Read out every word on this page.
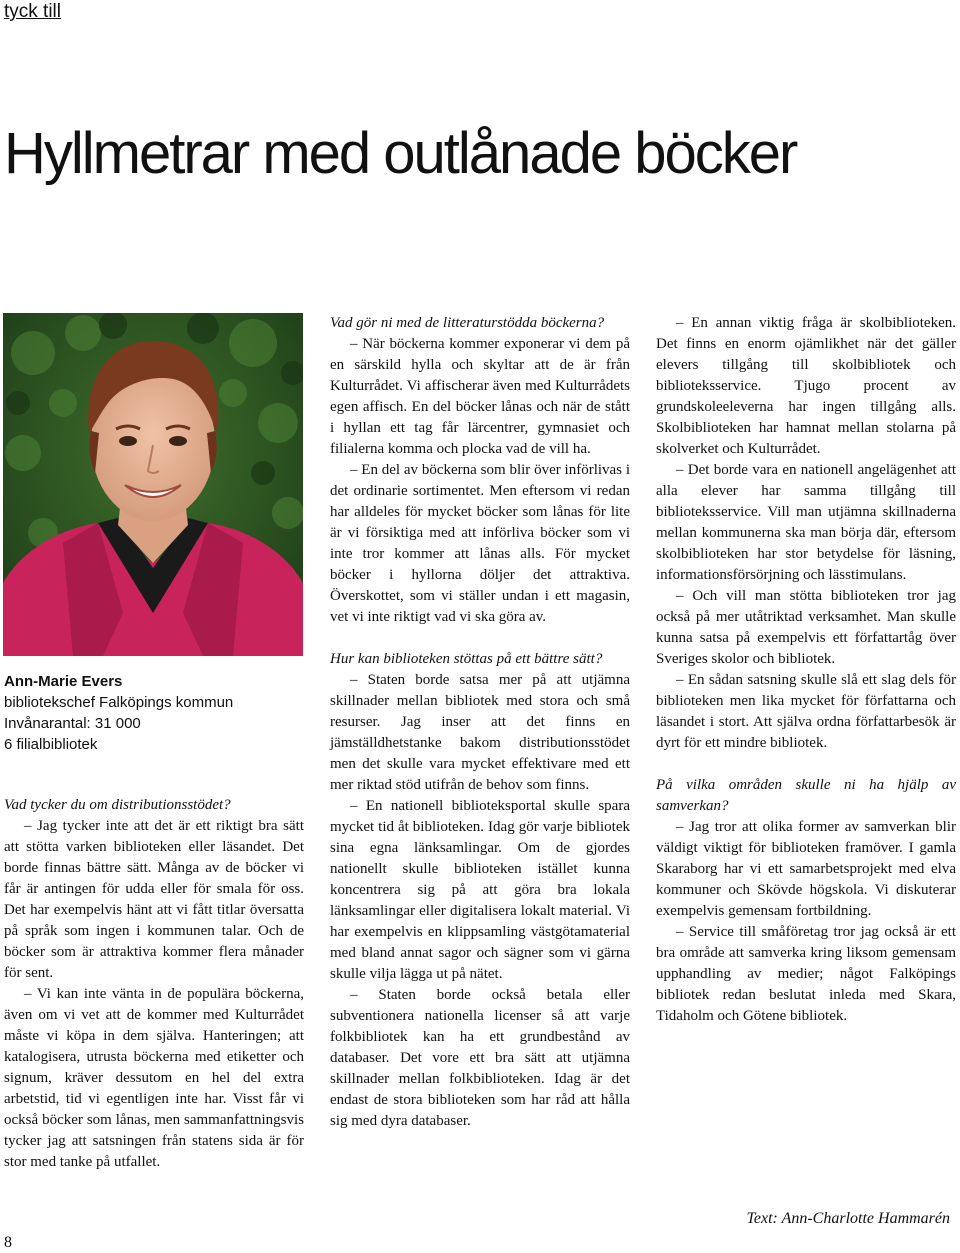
tyck till
Hyllmetrar med outlånade böcker
Ann-Marie Evers
bibliotekschef Falköpings kommun
Invånarantal: 31 000
6 filialbibliotek

Vad tycker du om distributionsstödet?

– Jag tycker inte att det är ett riktigt bra sätt att stötta varken biblioteken eller läsandet. Det borde finnas bättre sätt. Många av de böcker vi får är antingen för udda eller för smala för oss. Det har exempelvis hänt att vi fått titlar översatta på språk som ingen i kommunen talar. Och de böcker som är attraktiva kommer flera månader för sent.

– Vi kan inte vänta in de populära böckerna, även om vi vet att de kommer med Kulturrådet måste vi köpa in dem själva. Hanteringen; att katalogisera, utrusta böckerna med etiketter och signum, kräver dessutom en hel del extra arbetstid, tid vi egentligen inte har. Visst får vi också böcker som lånas, men sammanfattningsvis tycker jag att satsningen från statens sida är för stor med tanke på utfallet.

Vad gör ni med de litteraturstödda böckerna?

– När böckerna kommer exponerar vi dem på en särskild hylla och skyltar att de är från Kulturrådet. Vi affischerar även med Kulturrådets egen affisch. En del böcker lånas och när de stått i hyllan ett tag får lärcentrer, gymnasiet och filialerna komma och plocka vad de vill ha.

– En del av böckerna som blir över införlivas i det ordinarie sortimentet. Men eftersom vi redan har alldeles för mycket böcker som lånas för lite är vi försiktiga med att införliva böcker som vi inte tror kommer att lånas alls. För mycket böcker i hyllorna döljer det attraktiva. Överskottet, som vi ställer undan i ett magasin, vet vi inte riktigt vad vi ska göra av.

Hur kan biblioteken stöttas på ett bättre sätt?

– Staten borde satsa mer på att utjämna skillnader mellan bibliotek med stora och små resurser. Jag inser att det finns en jämställdhetstanke bakom distributionsstödet men det skulle vara mycket effektivare med ett mer riktad stöd utifrån de behov som finns.

– En nationell biblioteksportal skulle spara mycket tid åt biblioteken. Idag gör varje bibliotek sina egna länksamlingar. Om de gjordes nationellt skulle biblioteken istället kunna koncentrera sig på att göra bra lokala länksamlingar eller digitalisera lokalt material. Vi har exempelvis en klippsamling västgötamaterial med bland annat sagor och sägner som vi gärna skulle vilja lägga ut på nätet.

– Staten borde också betala eller subventionera nationella licenser så att varje folkbibliotek kan ha ett grundbestånd av databaser. Det vore ett bra sätt att utjämna skillnader mellan folkbiblioteken. Idag är det endast de stora biblioteken som har råd att hålla sig med dyra databaser.

– En annan viktig fråga är skolbiblioteken. Det finns en enorm ojämlikhet när det gäller elevers tillgång till skolbibliotek och biblioteksservice. Tjugo procent av grundskoleeleverna har ingen tillgång alls. Skolbiblioteken har hamnat mellan stolarna på skolverket och Kulturrådet.

– Det borde vara en nationell angelägenhet att alla elever har samma tillgång till biblioteksservice. Vill man utjämna skillnaderna mellan kommunerna ska man börja där, eftersom skolbiblioteken har stor betydelse för läsning, informationsförsörjning och lässtimulans.

– Och vill man stötta biblioteken tror jag också på mer utåtriktad verksamhet. Man skulle kunna satsa på exempelvis ett författartåg över Sveriges skolor och bibliotek.

– En sådan satsning skulle slå ett slag dels för biblioteken men lika mycket för författarna och läsandet i stort. Att själva ordna författarbesök är dyrt för ett mindre bibliotek.

På vilka områden skulle ni ha hjälp av samverkan?

– Jag tror att olika former av samverkan blir väldigt viktigt för biblioteken framöver. I gamla Skaraborg har vi ett samarbetsprojekt med elva kommuner och Skövde högskola. Vi diskuterar exempelvis gemensam fortbildning.

– Service till småföretag tror jag också är ett bra område att samverka kring liksom gemensam upphandling av medier; något Falköpings bibliotek redan beslutat inleda med Skara, Tidaholm och Götene bibliotek.

Text: Ann-Charlotte Hammarén
8
